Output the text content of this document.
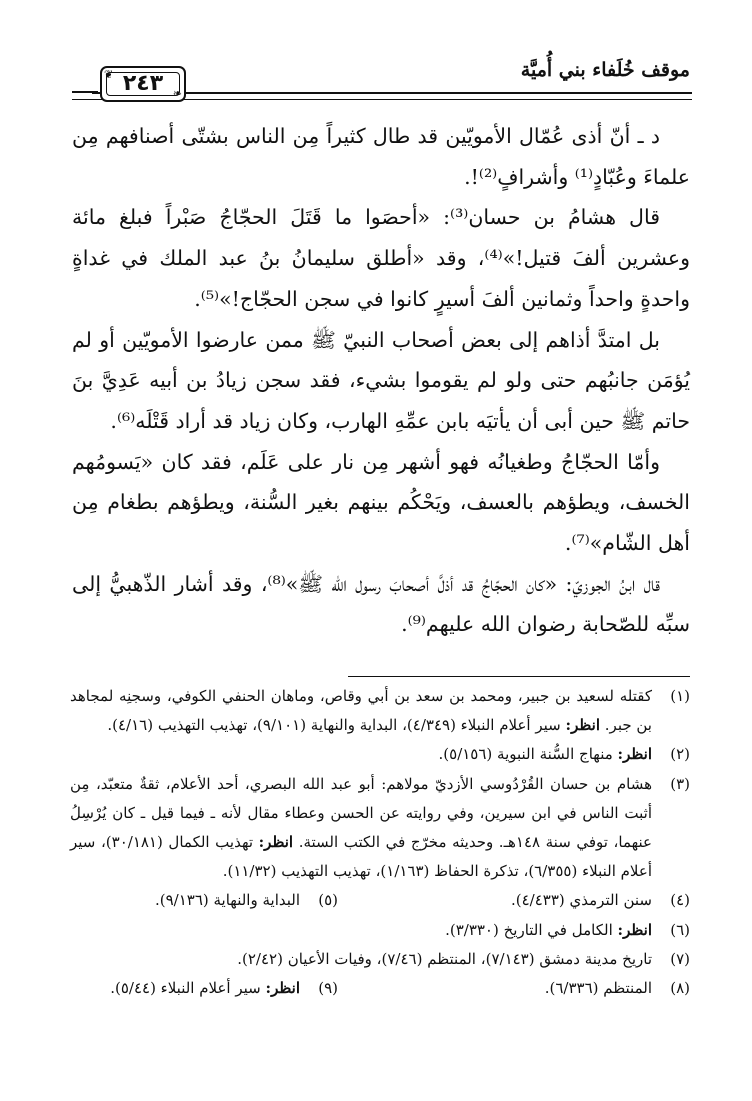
موقف خُلَفاء بني أُميَّة
❦ ٢٤٣ ❧

د ـ أنّ أذى عُمّال الأمويّين قد طال كثيراً مِن الناس بشتّى أصنافهم مِن علماءَ وعُبّادٍ⁽¹⁾ وأشرافٍ⁽²⁾!.

قال هشامُ بن حسان⁽³⁾: «أحصَوا ما قَتَلَ الحجّاجُ صَبْراً فبلغ مائة وعشرين ألفَ قتيل!»⁽⁴⁾، وقد «أطلق سليمانُ بنُ عبد الملك في غداةٍ واحدةٍ واحداً وثمانين ألفَ أسيرٍ كانوا في سجن الحجّاج!»⁽⁵⁾.

بل امتدَّ أذاهم إلى بعض أصحاب النبيّ ﷺ ممن عارضوا الأمويّين أو لم يُؤمَن جانبُهم حتى ولو لم يقوموا بشيء، فقد سجن زيادُ بن أبيه عَدِيَّ بنَ حاتم ﷺ حين أبى أن يأتيَه بابن عمِّهِ الهارب، وكان زياد قد أراد قَتْلَه⁽⁶⁾.

وأمّا الحجّاجُ وطغيانُه فهو أشهر مِن نار على عَلَم، فقد كان «يَسومُهم الخسف، ويطؤهم بالعسف، ويَحْكُم بينهم بغير السُّنة، ويطؤهم بطغام مِن أهل الشّام»⁽⁷⁾.

قال ابنُ الجوزيّ: «كان الحجّاجُ قد أذلَّ أصحابَ رسول الله ﷺ»⁽⁸⁾، وقد أشار الذّهبيُّ إلى سبِّه للصّحابة رضوان الله عليهم⁽⁹⁾.

(١)
كقتله لسعيد بن جبير، ومحمد بن سعد بن أبي وقاص، وماهان الحنفي الكوفي، وسجنِه لمجاهد بن جبر. انظر: سير أعلام النبلاء (٤/٣٤٩)، البداية والنهاية (٩/١٠١)، تهذيب التهذيب (٤/١٦).
(٢)
انظر: منهاج السُّنة النبوية (٥/١٥٦).
(٣)
هشام بن حسان القُرْدُوسي الأزديّ مولاهم: أبو عبد الله البصري، أحد الأعلام، ثقةٌ متعبّد، مِن أثبت الناس في ابن سيرين، وفي روايته عن الحسن وعطاء مقال لأنه ـ فيما قيل ـ كان يُرْسِلُ عنهما، توفي سنة ١٤٨هـ. وحديثه مخرّج في الكتب الستة. انظر: تهذيب الكمال (٣٠/١٨١)، سير أعلام النبلاء (٦/٣٥٥)، تذكرة الحفاظ (١/١٦٣)، تهذيب التهذيب (١١/٣٢).
(٤)
سنن الترمذي (٤/٤٣٣).
(٥)
البداية والنهاية (٩/١٣٦).
(٦)
انظر: الكامل في التاريخ (٣/٣٣٠).
(٧)
تاريخ مدينة دمشق (٧/١٤٣)، المنتظم (٧/٤٦)، وفيات الأعيان (٢/٤٢).
(٨)
المنتظم (٦/٣٣٦).
(٩)
انظر: سير أعلام النبلاء (٥/٤٤).
